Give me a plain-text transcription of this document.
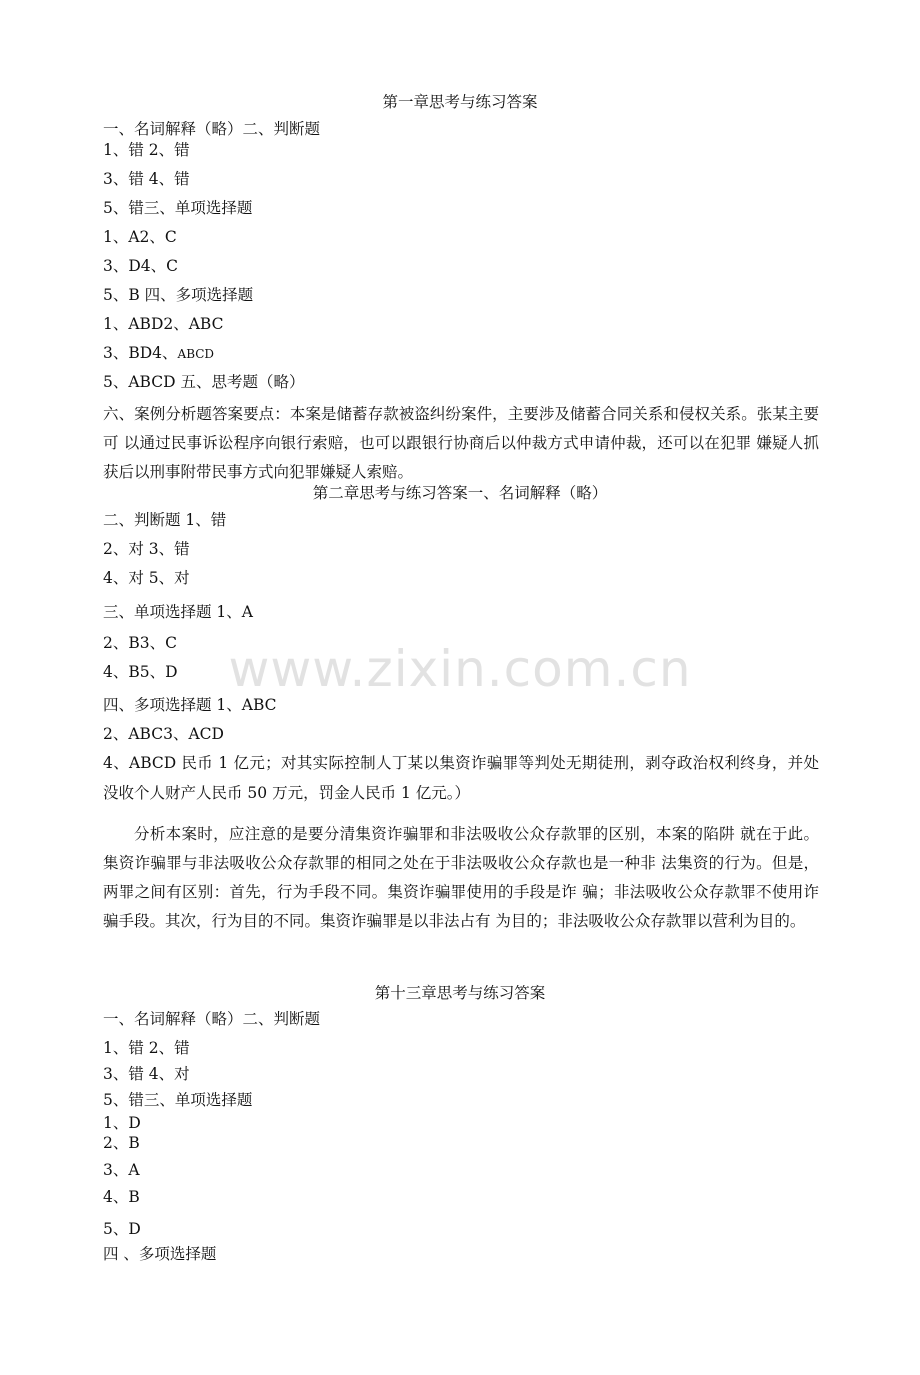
www.zixin.com.cn
第一章思考与练习答案
一、名词解释（略）二、判断题
1、错 2、错
3、错 4、错
5、错三、单项选择题
1、A2、C
3、D4、C
5、B 四、多项选择题
1、ABD2、ABC
3、BD4、ABCD
5、ABCD 五、思考题（略）
六、案例分析题答案要点：本案是储蓄存款被盗纠纷案件，主要涉及储蓄合同关系和侵权关系。张某主要可 以通过民事诉讼程序向银行索赔，也可以跟银行协商后以仲裁方式申请仲裁，还可以在犯罪 嫌疑人抓获后以刑事附带民事方式向犯罪嫌疑人索赔。
第二章思考与练习答案一、名词解释（略）
二、判断题 1、错
2、对 3、错
4、对 5、对
三、单项选择题 1、A
2、B3、C
4、B5、D
四、多项选择题 1、ABC
2、ABC3、ACD
4、ABCD 民币 1 亿元；对其实际控制人丁某以集资诈骗罪等判处无期徒刑，剥夺政治权利终身，并处 没收个人财产人民币 50 万元，罚金人民币 1 亿元。）
分析本案时，应注意的是要分清集资诈骗罪和非法吸收公众存款罪的区别，本案的陷阱 就在于此。集资诈骗罪与非法吸收公众存款罪的相同之处在于非法吸收公众存款也是一种非 法集资的行为。但是，两罪之间有区别：首先，行为手段不同。集资诈骗罪使用的手段是诈 骗；非法吸收公众存款罪不使用诈骗手段。其次，行为目的不同。集资诈骗罪是以非法占有 为目的；非法吸收公众存款罪以营利为目的。
第十三章思考与练习答案
一、名词解释（略）二、判断题
1、错 2、错
3、错 4、对
5、错三、单项选择题
1、D
2、B
3、A
4、B
5、D
四 、多项选择题
